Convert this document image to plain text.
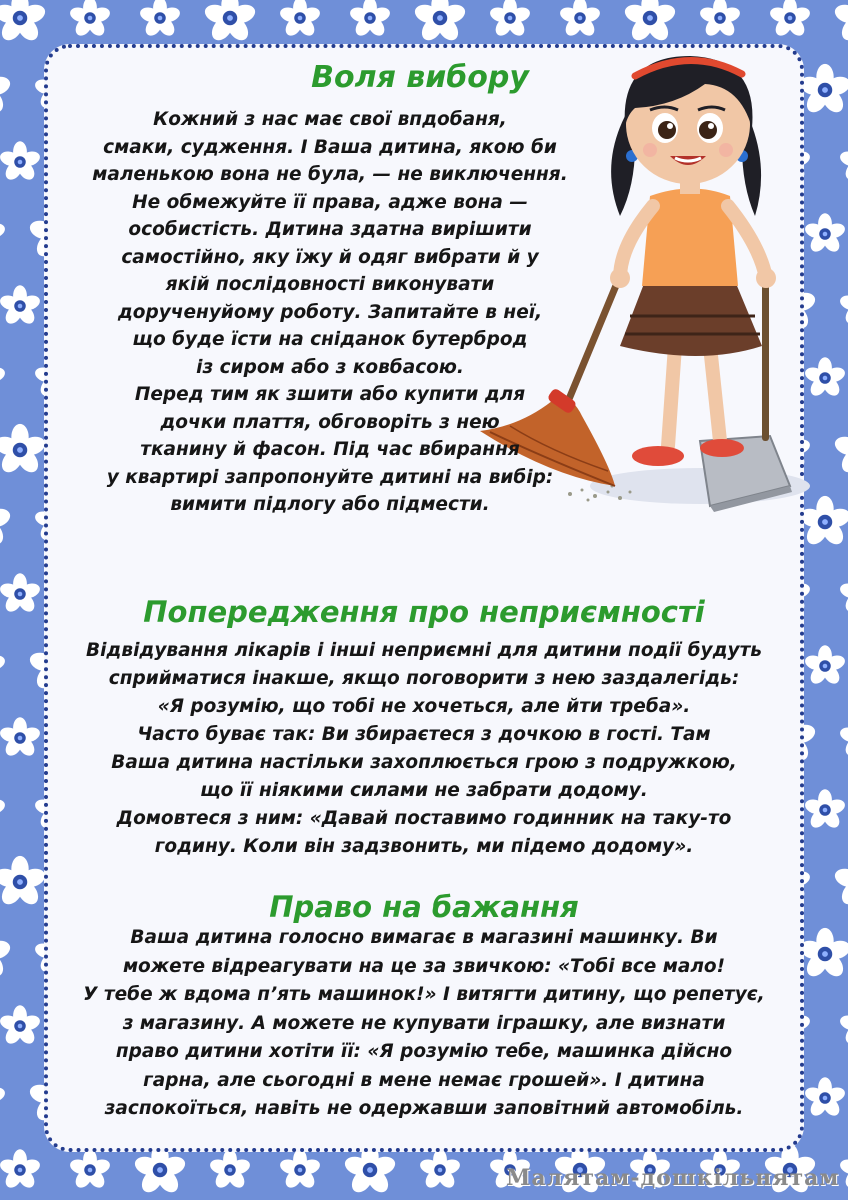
Воля вибору
Кожний з нас має свої впдобаня,
смаки, судження. І Ваша дитина, якою би
маленькою вона не була, — не виключення.
Не обмежуйте її права, адже вона —
особистість. Дитина здатна вирішити
самостійно, яку їжу й одяг вибрати й у
якій послідовності виконувати
дорученуйому роботу. Запитайте в неї,
що буде їсти на сніданок бутерброд
із сиром або з ковбасою.
Перед тим як зшити або купити для
дочки плаття, обговоріть з нею
тканину й фасон. Під час вбирання
у квартирі запропонуйте дитині на вибір:
вимити підлогу або підмести.
Попередження про неприємності
Відвідування лікарів і інші неприємні для дитини події будуть
сприйматися інакше, якщо поговорити з нею заздалегідь:
«Я розумію, що тобі не хочеться, але йти треба».
Часто буває так: Ви збираєтеся з дочкою в гості. Там
Ваша дитина настільки захоплюється грою з подружкою,
що її ніякими силами не забрати додому.
Домовтеся з ним: «Давай поставимо годинник на таку-то
годину. Коли він задзвонить, ми підемо додому».
Право на бажання
Ваша дитина голосно вимагає в магазині машинку. Ви
можете відреагувати на це за звичкою: «Тобі все мало!
У тебе ж вдома п’ять машинок!» І витягти дитину, що репетує,
з магазину. А можете не купувати іграшку, але визнати
право дитини хотіти її: «Я розумію тебе, машинка дійсно
гарна, але сьогодні в мене немає грошей». І дитина
заспокоїться, навіть не одержавши заповітний автомобіль.
Малятам-дошкільнятам
